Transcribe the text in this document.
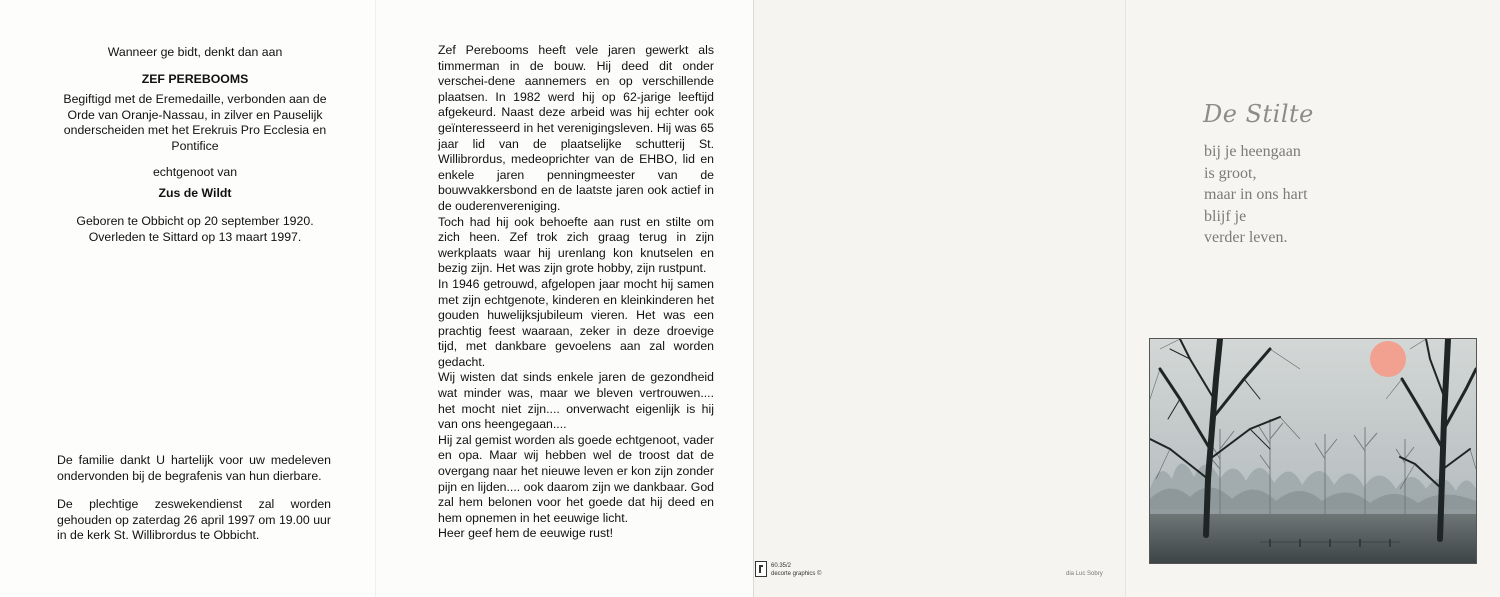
Wanneer ge bidt, denkt dan aan
ZEF PEREBOOMS
Begiftigd met de Eremedaille, verbonden aan de
Orde van Oranje-Nassau, in zilver en Pauselijk
onderscheiden met het Erekruis Pro Ecclesia en
Pontifice
echtgenoot van
Zus de Wildt
Geboren te Obbicht op 20 september 1920.
Overleden te Sittard op 13 maart 1997.

De familie dankt U hartelijk voor uw medeleven ondervonden bij de begrafenis van hun dierbare.

De plechtige zeswekendienst zal worden gehouden op zaterdag 26 april 1997 om 19.00 uur in de kerk St. Willibrordus te Obbicht.

Zef Perebooms heeft vele jaren gewerkt als timmerman in de bouw. Hij deed dit onder verschei-dene aannemers en op verschillende plaatsen. In 1982 werd hij op 62-jarige leeftijd afgekeurd. Naast deze arbeid was hij echter ook geïnteresseerd in het verenigingsleven. Hij was 65 jaar lid van de plaatselijke schutterij St. Willibrordus, medeoprichter van de EHBO, lid en enkele jaren penningmeester van de bouwvakkersbond en de laatste jaren ook actief in de ouderenvereniging.

Toch had hij ook behoefte aan rust en stilte om zich heen. Zef trok zich graag terug in zijn werkplaats waar hij urenlang kon knutselen en bezig zijn. Het was zijn grote hobby, zijn rustpunt.

In 1946 getrouwd, afgelopen jaar mocht hij samen met zijn echtgenote, kinderen en kleinkinderen het gouden huwelijksjubileum vieren. Het was een prachtig feest waaraan, zeker in deze droevige tijd, met dankbare gevoelens aan zal worden gedacht.

Wij wisten dat sinds enkele jaren de gezondheid wat minder was, maar we bleven vertrouwen.... het mocht niet zijn.... onverwacht eigenlijk is hij van ons heengegaan....

Hij zal gemist worden als goede echtgenoot, vader en opa. Maar wij hebben wel de troost dat de overgang naar het nieuwe leven er kon zijn zonder pijn en lijden.... ook daarom zijn we dankbaar. God zal hem belonen voor het goede dat hij deed en hem opnemen in het eeuwige licht.

Heer geef hem de eeuwige rust!

60.35/2
decorte graphics ©	dia Luc Sobry
De Stilte
bij je heengaan
is groot,
maar in ons hart
blijf je
verder leven.
